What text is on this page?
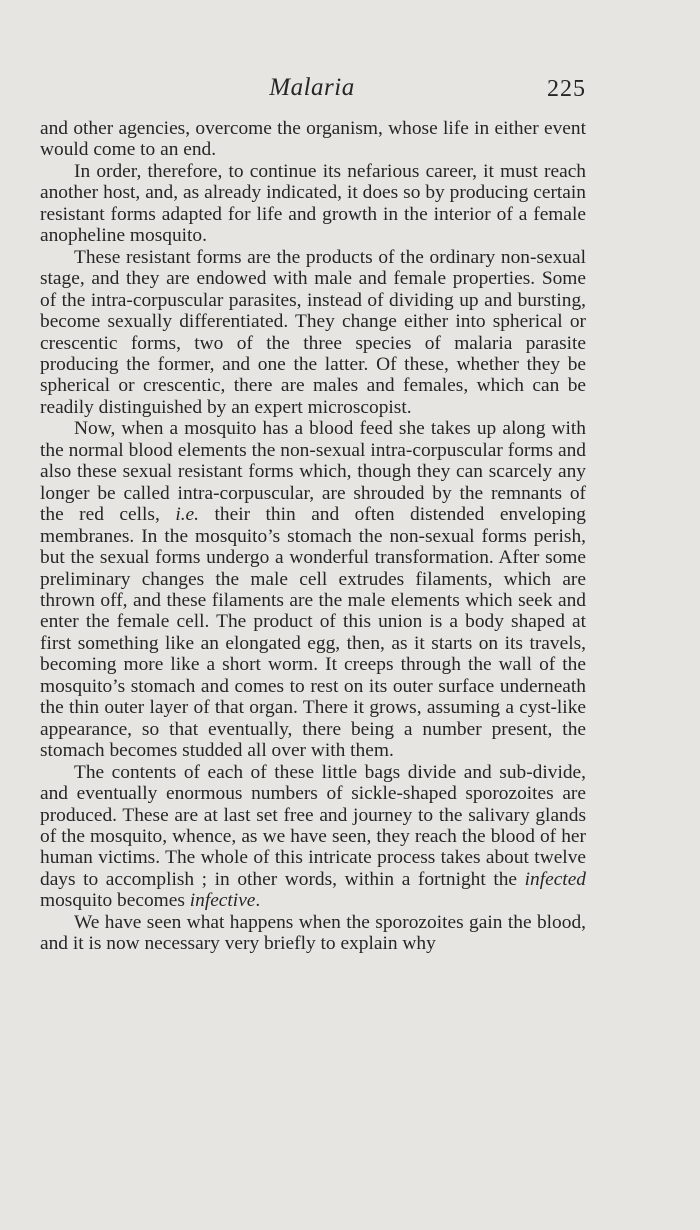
Malaria	225

and other agencies, overcome the organism, whose life in either event would come to an end.

In order, therefore, to continue its nefarious career, it must reach another host, and, as already indicated, it does so by producing certain resistant forms adapted for life and growth in the interior of a female anopheline mosquito.

These resistant forms are the products of the ordinary non-sexual stage, and they are endowed with male and female properties. Some of the intra-corpuscular parasites, instead of dividing up and bursting, become sexually differentiated. They change either into spherical or crescentic forms, two of the three species of malaria parasite producing the former, and one the latter. Of these, whether they be spherical or crescentic, there are males and females, which can be readily distinguished by an expert microscopist.

Now, when a mosquito has a blood feed she takes up along with the normal blood elements the non-sexual intra-corpuscular forms and also these sexual resistant forms which, though they can scarcely any longer be called intra-corpuscular, are shrouded by the remnants of the red cells, i.e. their thin and often distended enveloping membranes. In the mosquito’s stomach the non-sexual forms perish, but the sexual forms undergo a wonderful transformation. After some preliminary changes the male cell extrudes filaments, which are thrown off, and these filaments are the male elements which seek and enter the female cell. The product of this union is a body shaped at first something like an elongated egg, then, as it starts on its travels, becoming more like a short worm. It creeps through the wall of the mosquito’s stomach and comes to rest on its outer surface underneath the thin outer layer of that organ. There it grows, assuming a cyst-like appearance, so that eventually, there being a number present, the stomach becomes studded all over with them.

The contents of each of these little bags divide and sub-divide, and eventually enormous numbers of sickle-shaped sporozoites are produced. These are at last set free and journey to the salivary glands of the mosquito, whence, as we have seen, they reach the blood of her human victims. The whole of this intricate process takes about twelve days to accomplish ; in other words, within a fortnight the infected mosquito becomes infective.

We have seen what happens when the sporozoites gain the blood, and it is now necessary very briefly to explain why
